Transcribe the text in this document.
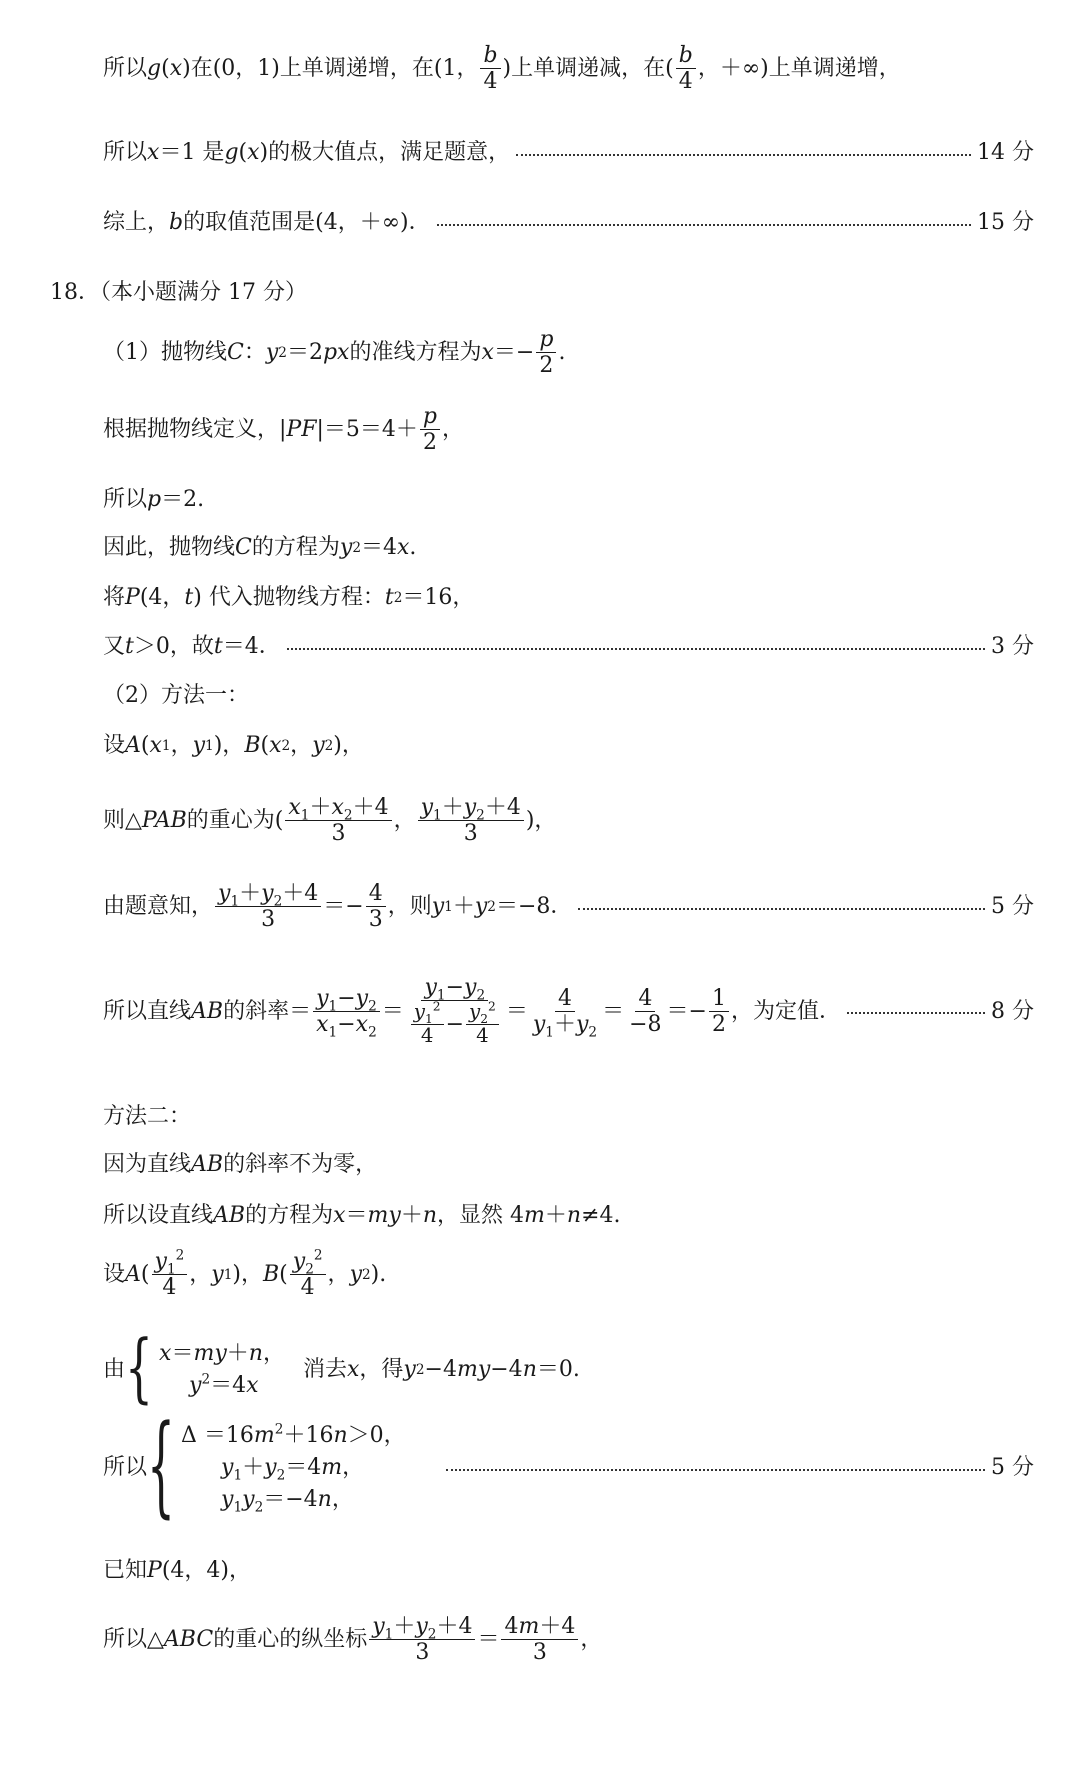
所以 g ( x )在(0，1)上单调递增，在(1， $\frac{b}{4}$ )上单调递减，在( $\frac{b}{4}$ ，＋∞)上单调递增，
所以 x ＝1 是 g ( x )的极大值点，满足题意，	14 分
综上， b 的取值范围是(4，＋∞)．	15 分
18．（本小题满分 17 分）
（1）抛物线 C ： y 2 ＝2 px 的准线方程为 $x =- \frac{p}{2}$ .
根据抛物线定义，| PF $|=5=4+ \frac{p}{2}$ ，
所以 p ＝2.
因此，抛物线 C 的方程为 y 2 ＝4 x .
将 P (4， t ) 代入抛物线方程： t 2 ＝16，
又 t ＞0，故 t ＝4．	3 分
（2）方法一：
设 A ( x 1 ， y 1 )， B ( x 2 ， y 2 )，
则△ PAB 的重心为( $\frac{x_1+x_2+4}{3}$ ， $\frac{y_1+y_2+4}{3}$ )，
由题意知， $\frac{y_1+y_2+4}{3} =- \frac{4}{3}$ ，则 y 1 ＋ y 2 ＝−8．	5 分
所以直线 AB 的斜率＝ $\frac{y_1-y_2}{x_1-x_2} = \frac{y_1-y_2}{\frac{y_1^2}{4} - \frac{y_2^2}{4}} = \frac{4}{y_1+y_2} = \frac{4}{-8} =- \frac{1}{2}$ ，为定值．	8 分
方法二：
因为直线 AB 的斜率不为零，
所以设直线 AB 的方程为 x ＝ my ＋ n ，显然 4 m ＋ n ≠4.
设 A ( $\frac{y_1^2}{4}$ ， y 1 )， B ( $\frac{y_2^2}{4}$ ， y 2 ).
由 { x＝my＋n，
$y^2=4x$
消去 x ，得 y 2 −4 my −4 n ＝0.
所以 { $\Delta =16m^2+16n>0$，
$y_1+y_2=4m$，
$y_1y_2=-4n$，
5 分
已知 P (4，4)，
所以△ ABC 的重心的纵坐标 $\frac{y_1+y_2+4}{3} = \frac{4m+4}{3}$ ，
